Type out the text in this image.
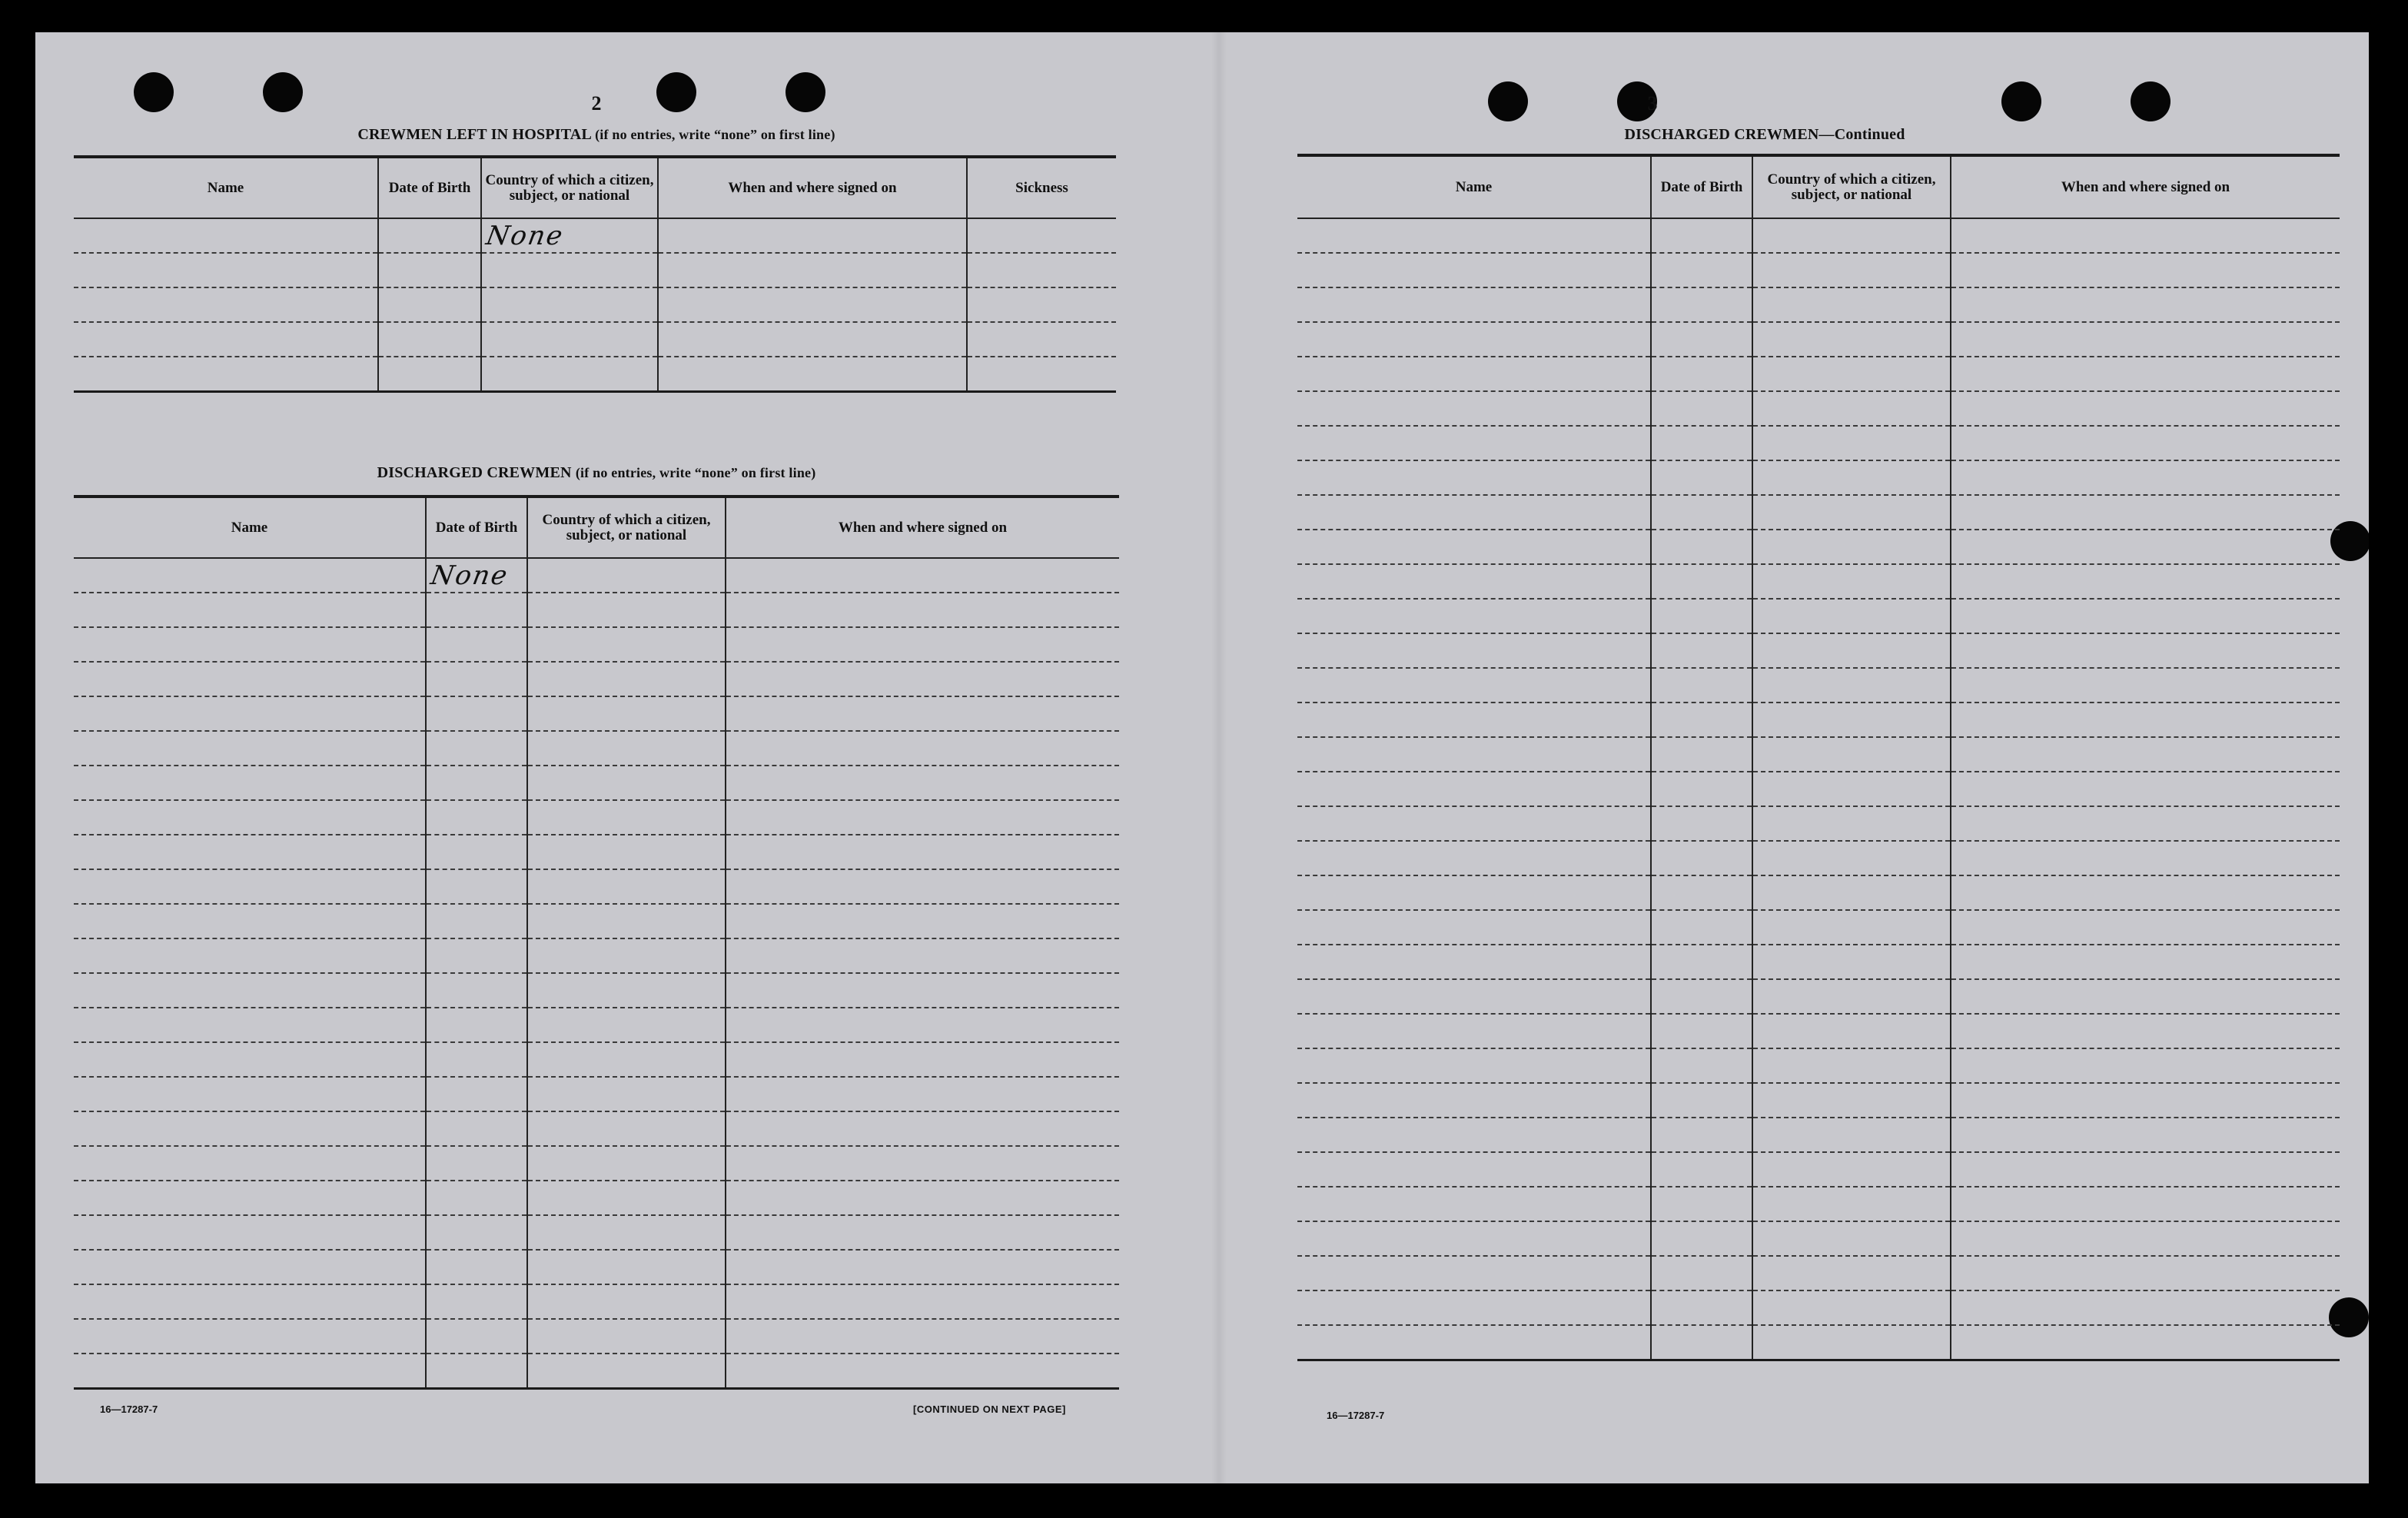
2
CREWMEN LEFT IN HOSPITAL (if no entries, write “none” on first line)
Name	Date of Birth	Country of which a citizen, subject, or national	When and where signed on	Sickness

		None		

DISCHARGED CREWMEN (if no entries, write “none” on first line)
Name	Date of Birth	Country of which a citizen, subject, or national	When and where signed on

	None		

16—17287-7	[CONTINUED ON NEXT PAGE]
3
DISCHARGED CREWMEN—Continued
Name	Date of Birth	Country of which a citizen, subject, or national	When and where signed on

16—17287-7
